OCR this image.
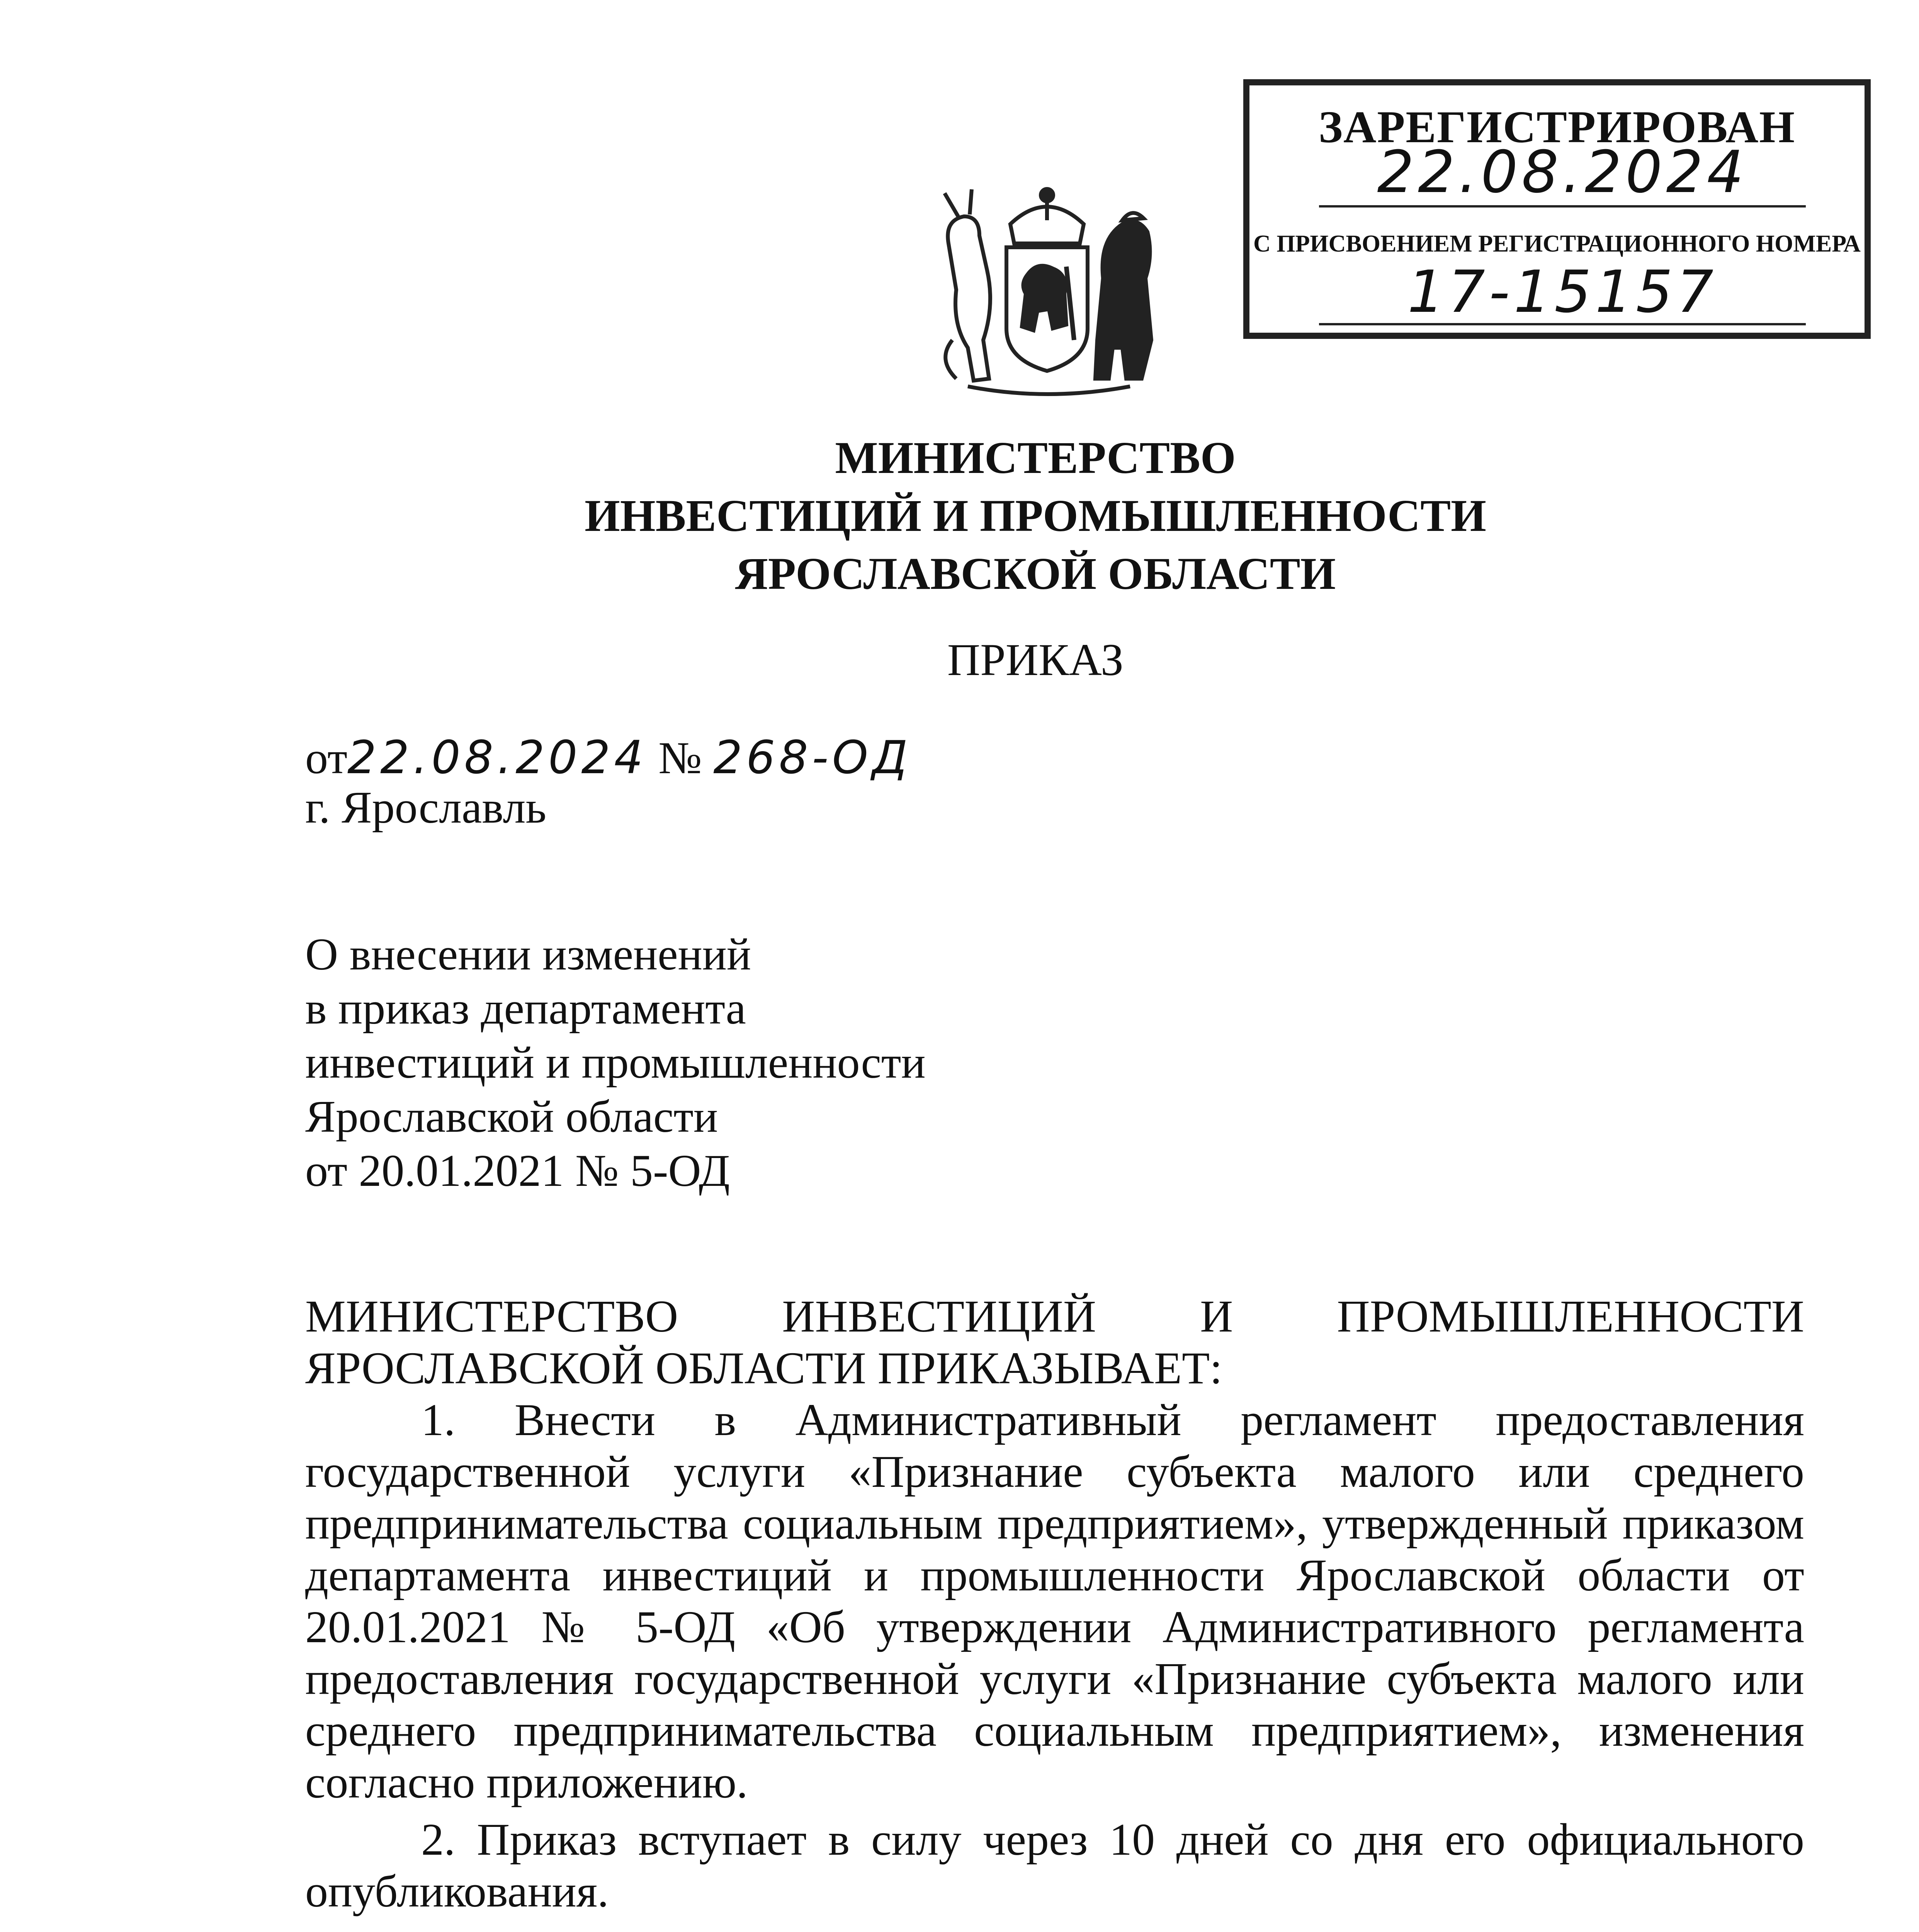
ЗАРЕГИСТРИРОВАН
22.08.2024
С ПРИСВОЕНИЕМ РЕГИСТРАЦИОННОГО НОМЕРА
17-15157
МИНИСТЕРСТВО
ИНВЕСТИЦИЙ И ПРОМЫШЛЕННОСТИ
ЯРОСЛАВСКОЙ ОБЛАСТИ
ПРИКАЗ
от22.08.2024 № 268-ОД
г. Ярославль
О внесении изменений
в приказ департамента
инвестиций и промышленности
Ярославской области
от 20.01.2021 № 5-ОД

МИНИСТЕРСТВО ИНВЕСТИЦИЙ И ПРОМЫШЛЕННОСТИ

ЯРОСЛАВСКОЙ ОБЛАСТИ ПРИКАЗЫВАЕТ:

1. Внести в Административный регламент предоставления государственной услуги «Признание субъекта малого или среднего предпринимательства социальным предприятием», утвержденный приказом департамента инвестиций и промышленности Ярославской области от 20.01.2021 № 5-ОД «Об утверждении Административного регламента предоставления государственной услуги «Признание субъекта малого или среднего предпринимательства социальным предприятием», изменения согласно приложению.

2. Приказ вступает в силу через 10 дней со дня его официального опубликования.
